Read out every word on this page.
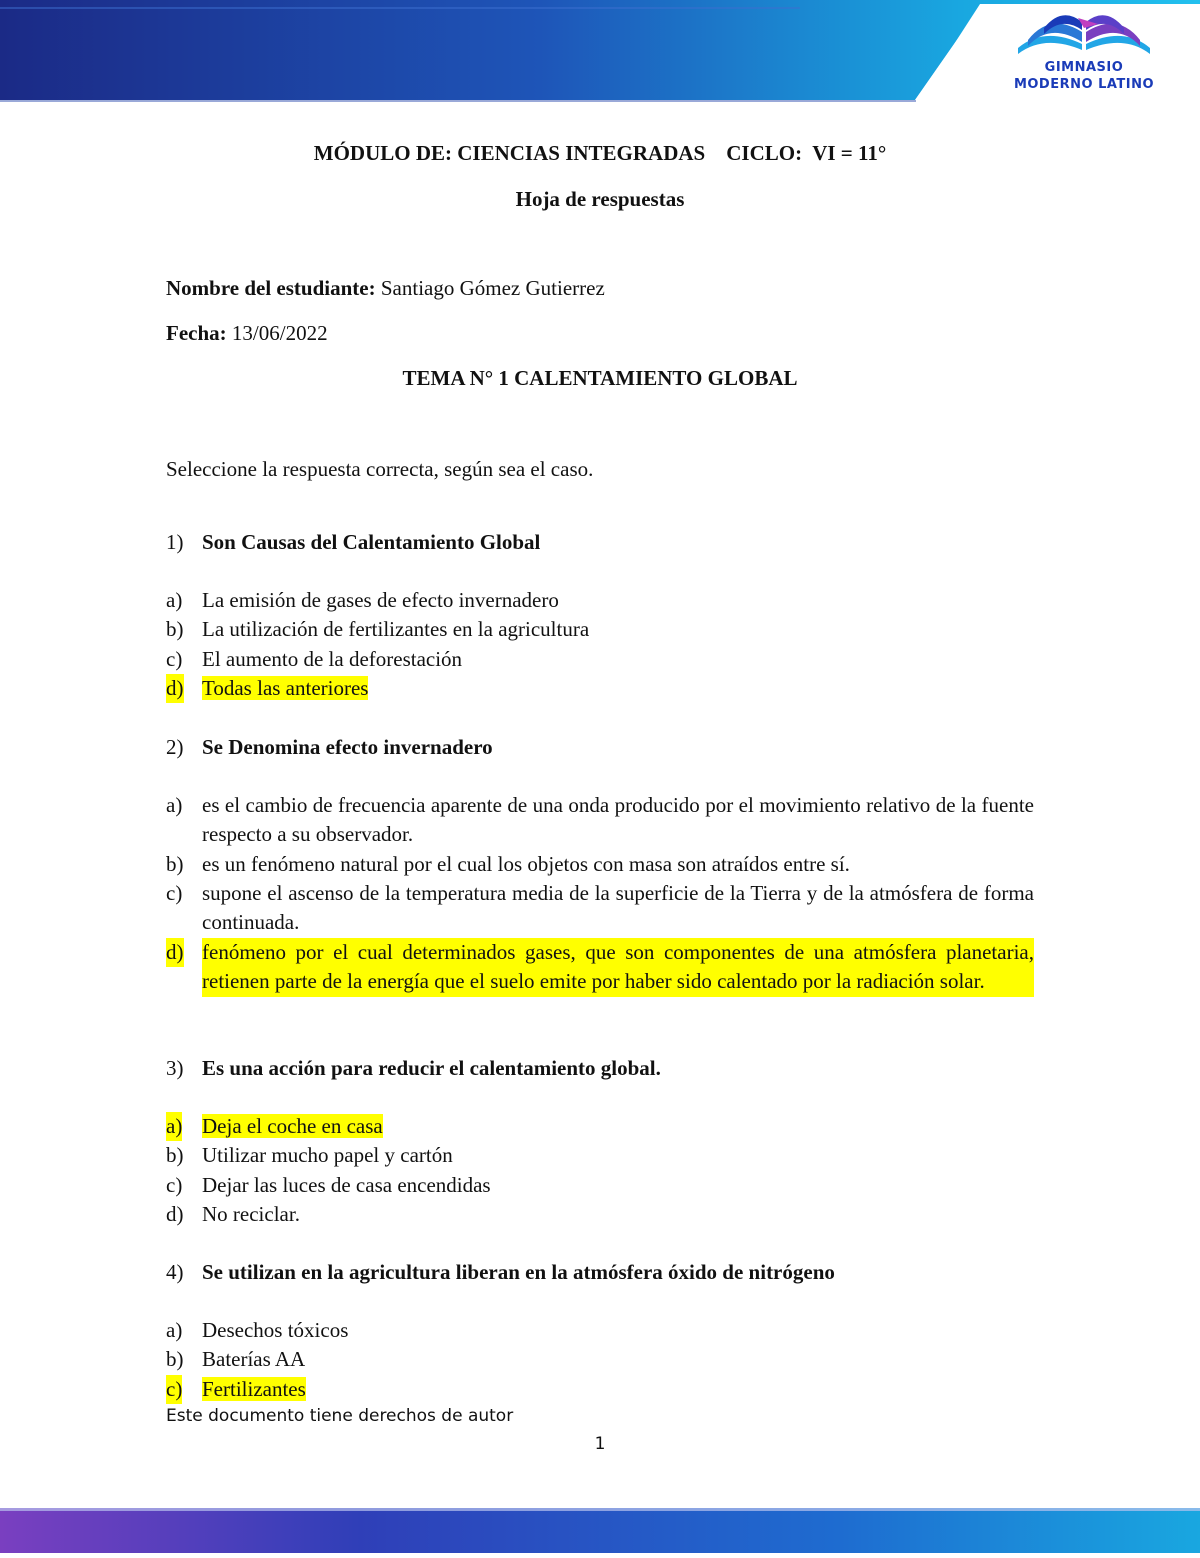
GIMNASIO
MODERNO LATINO
MÓDULO DE: CIENCIAS INTEGRADAS    CICLO:  VI = 11°
Hoja de respuestas
Nombre del estudiante: Santiago Gómez Gutierrez
Fecha: 13/06/2022
TEMA N° 1 CALENTAMIENTO GLOBAL
Seleccione la respuesta correcta, según sea el caso.
1) Son Causas del Calentamiento Global
a) La emisión de gases de efecto invernadero
b) La utilización de fertilizantes en la agricultura
c) El aumento de la deforestación
d) Todas las anteriores
2) Se Denomina efecto invernadero
a) es el cambio de frecuencia aparente de una onda producido por el movimiento relativo de la fuente respecto a su observador.
b) es un fenómeno natural por el cual los objetos con masa son atraídos entre sí.
c) supone el ascenso de la temperatura media de la superficie de la Tierra y de la atmósfera de forma continuada.
d) fenómeno por el cual determinados gases, que son componentes de una atmósfera planetaria, retienen parte de la energía que el suelo emite por haber sido calentado por la radiación solar.
3) Es una acción para reducir el calentamiento global.
a) Deja el coche en casa
b) Utilizar mucho papel y cartón
c) Dejar las luces de casa encendidas
d) No reciclar.
4) Se utilizan en la agricultura liberan en la atmósfera óxido de nitrógeno
a) Desechos tóxicos
b) Baterías AA
c) Fertilizantes
Este documento tiene derechos de autor
1
